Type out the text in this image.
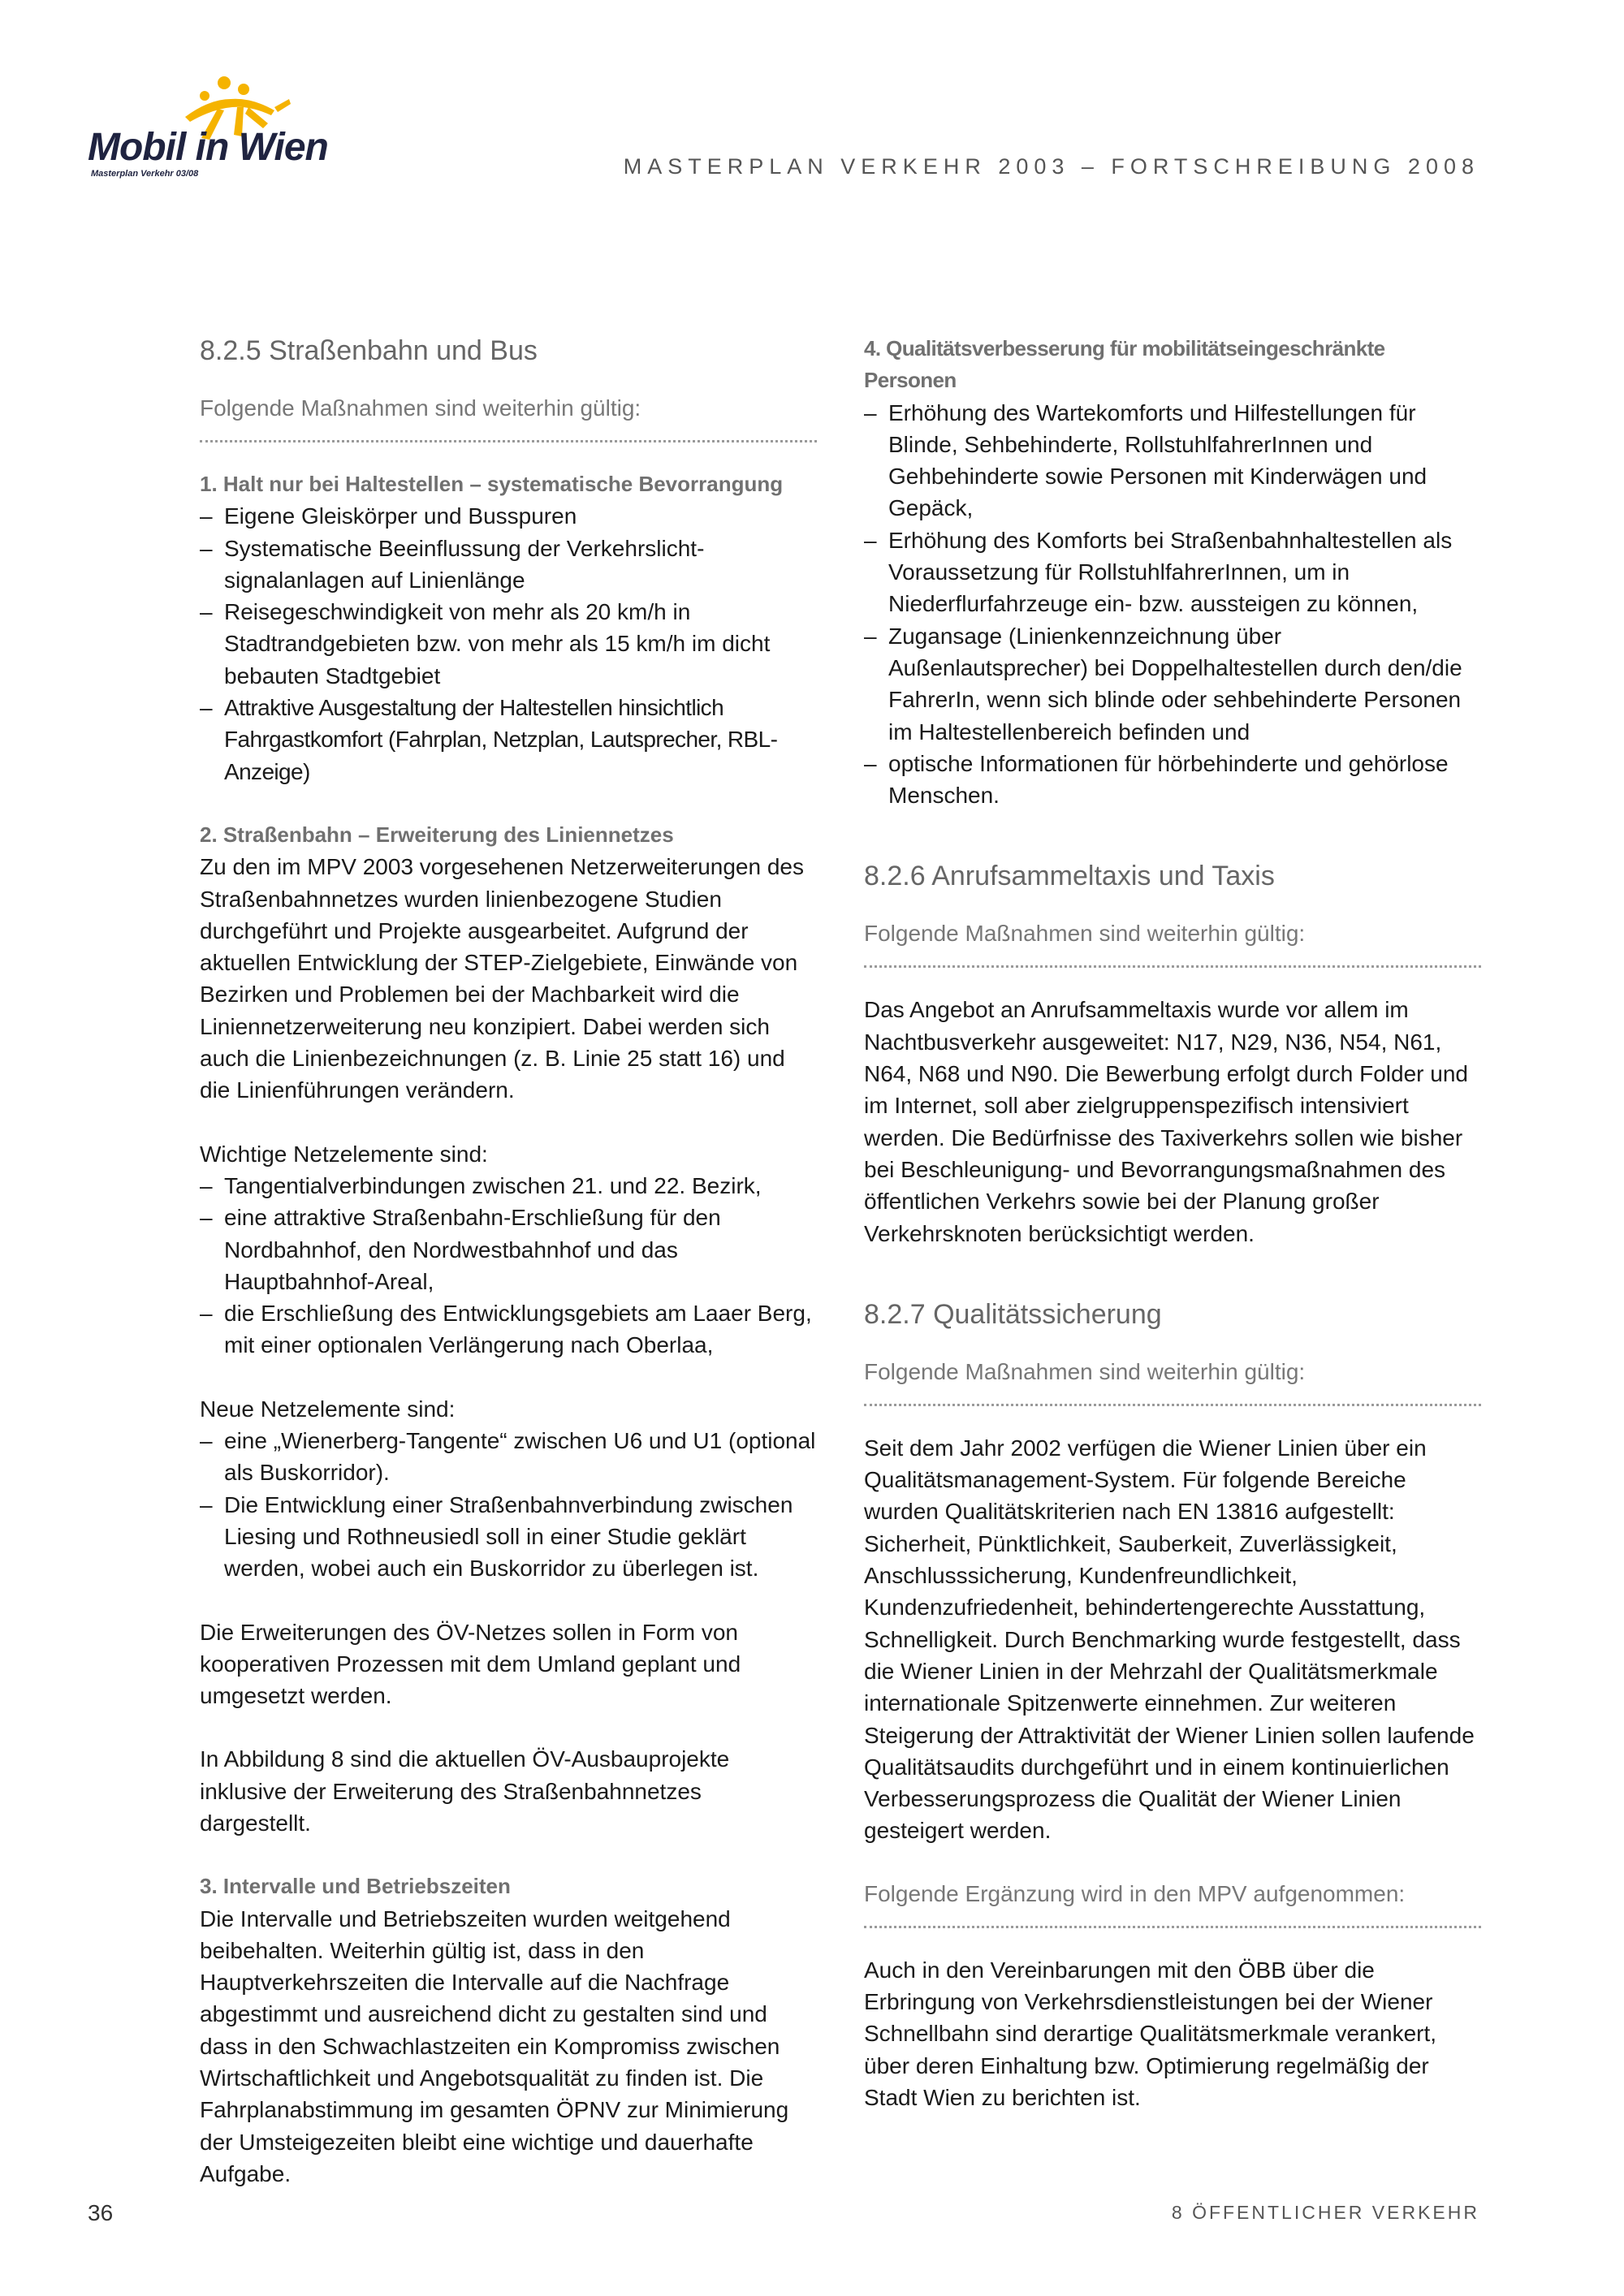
Mobil in Wien
Masterplan Verkehr 03/08	MASTERPLAN VERKEHR 2003 – FORTSCHREIBUNG 2008
8.2.5 Straßenbahn und Bus
Folgende Maßnahmen sind weiterhin gültig:
1. Halt nur bei Haltestellen – systematische Bevorrangung
– Eigene Gleiskörper und Busspuren
– Systematische Beeinflussung der Verkehrslichtsignalanlagen auf Linienlänge
– Reisegeschwindigkeit von mehr als 20 km/h in Stadtrandgebieten bzw. von mehr als 15 km/h im dicht bebauten Stadtgebiet
– Attraktive Ausgestaltung der Haltestellen hinsichtlich Fahrgastkomfort (Fahrplan, Netzplan, Lautsprecher, RBL-Anzeige)
2. Straßenbahn – Erweiterung des Liniennetzes

Zu den im MPV 2003 vorgesehenen Netzerweiterungen des Straßenbahnnetzes wurden linienbezogene Studien durchgeführt und Projekte ausgearbeitet. Aufgrund der aktuellen Entwicklung der STEP-Zielgebiete, Einwände von Bezirken und Problemen bei der Machbarkeit wird die Liniennetzerweiterung neu konzipiert. Dabei werden sich auch die Linienbezeichnungen (z. B. Linie 25 statt 16) und die Linienführungen verändern.

Wichtige Netzelemente sind:

– Tangentialverbindungen zwischen 21. und 22. Bezirk,
– eine attraktive Straßenbahn-Erschließung für den Nordbahnhof, den Nordwestbahnhof und das Hauptbahnhof-Areal,
– die Erschließung des Entwicklungsgebiets am Laaer Berg, mit einer optionalen Verlängerung nach Oberlaa,

Neue Netzelemente sind:

– eine „Wienerberg-Tangente“ zwischen U6 und U1 (optional als Buskorridor).
– Die Entwicklung einer Straßenbahnverbindung zwischen Liesing und Rothneusiedl soll in einer Studie geklärt werden, wobei auch ein Buskorridor zu überlegen ist.

Die Erweiterungen des ÖV-Netzes sollen in Form von kooperativen Prozessen mit dem Umland geplant und umgesetzt werden.

In Abbildung 8 sind die aktuellen ÖV-Ausbauprojekte inklusive der Erweiterung des Straßenbahnnetzes dargestellt.

3. Intervalle und Betriebszeiten

Die Intervalle und Betriebszeiten wurden weitgehend beibehalten. Weiterhin gültig ist, dass in den Hauptverkehrszeiten die Intervalle auf die Nachfrage abgestimmt und ausreichend dicht zu gestalten sind und dass in den Schwachlastzeiten ein Kompromiss zwischen Wirtschaftlichkeit und Angebotsqualität zu finden ist. Die Fahrplanabstimmung im gesamten ÖPNV zur Minimierung der Umsteigezeiten bleibt eine wichtige und dauerhafte Aufgabe.

4. Qualitätsverbesserung für mobilitätseingeschränkte Personen
– Erhöhung des Wartekomforts und Hilfestellungen für Blinde, Sehbehinderte, RollstuhlfahrerInnen und Gehbehinderte sowie Personen mit Kinderwägen und Gepäck,
– Erhöhung des Komforts bei Straßenbahnhaltestellen als Voraussetzung für RollstuhlfahrerInnen, um in Niederflurfahrzeuge ein- bzw. aussteigen zu können,
– Zugansage (Linienkennzeichnung über Außenlautsprecher) bei Doppelhaltestellen durch den/die FahrerIn, wenn sich blinde oder sehbehinderte Personen im Haltestellenbereich befinden und
– optische Informationen für hörbehinderte und gehörlose Menschen.
8.2.6 Anrufsammeltaxis und Taxis
Folgende Maßnahmen sind weiterhin gültig:

Das Angebot an Anrufsammeltaxis wurde vor allem im Nachtbusverkehr ausgeweitet: N17, N29, N36, N54, N61, N64, N68 und N90. Die Bewerbung erfolgt durch Folder und im Internet, soll aber zielgruppenspezifisch intensiviert werden. Die Bedürfnisse des Taxiverkehrs sollen wie bisher bei Beschleunigung- und Bevorrangungsmaßnahmen des öffentlichen Verkehrs sowie bei der Planung großer Verkehrsknoten berücksichtigt werden.

8.2.7 Qualitätssicherung
Folgende Maßnahmen sind weiterhin gültig:

Seit dem Jahr 2002 verfügen die Wiener Linien über ein Qualitätsmanagement-System. Für folgende Bereiche wurden Qualitätskriterien nach EN 13816 aufgestellt: Sicherheit, Pünktlichkeit, Sauberkeit, Zuverlässigkeit, Anschlusssicherung, Kundenfreundlichkeit, Kundenzufriedenheit, behindertengerechte Ausstattung, Schnelligkeit. Durch Benchmarking wurde festgestellt, dass die Wiener Linien in der Mehrzahl der Qualitätsmerkmale internationale Spitzenwerte einnehmen. Zur weiteren Steigerung der Attraktivität der Wiener Linien sollen laufende Qualitätsaudits durchgeführt und in einem kontinuierlichen Verbesserungsprozess die Qualität der Wiener Linien gesteigert werden.

Folgende Ergänzung wird in den MPV aufgenommen:

Auch in den Vereinbarungen mit den ÖBB über die Erbringung von Verkehrsdienstleistungen bei der Wiener Schnellbahn sind derartige Qualitätsmerkmale verankert, über deren Einhaltung bzw. Optimierung regelmäßig der Stadt Wien zu berichten ist.

36	8 ÖFFENTLICHER VERKEHR
